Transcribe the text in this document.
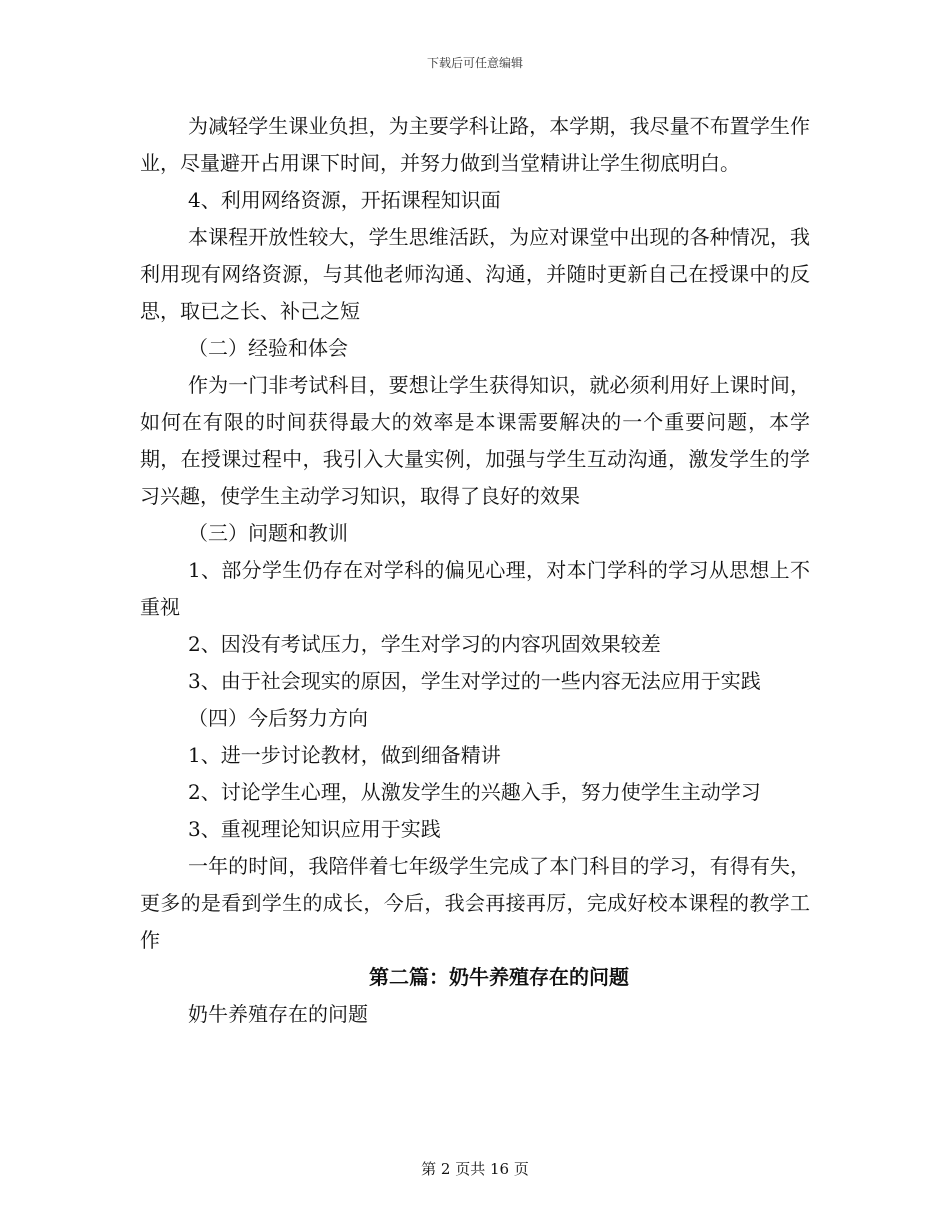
下载后可任意编辑

为减轻学生课业负担，为主要学科让路，本学期，我尽量不布置学生作业，尽量避开占用课下时间，并努力做到当堂精讲让学生彻底明白。

4、利用网络资源，开拓课程知识面

本课程开放性较大，学生思维活跃，为应对课堂中出现的各种情况，我利用现有网络资源，与其他老师沟通、沟通，并随时更新自己在授课中的反思，取已之长、补己之短

（二）经验和体会

作为一门非考试科目，要想让学生获得知识，就必须利用好上课时间，如何在有限的时间获得最大的效率是本课需要解决的一个重要问题，本学期，在授课过程中，我引入大量实例，加强与学生互动沟通，激发学生的学习兴趣，使学生主动学习知识，取得了良好的效果

（三）问题和教训

1、部分学生仍存在对学科的偏见心理，对本门学科的学习从思想上不重视

2、因没有考试压力，学生对学习的内容巩固效果较差

3、由于社会现实的原因，学生对学过的一些内容无法应用于实践

（四）今后努力方向

1、进一步讨论教材，做到细备精讲

2、讨论学生心理，从激发学生的兴趣入手，努力使学生主动学习

3、重视理论知识应用于实践

一年的时间，我陪伴着七年级学生完成了本门科目的学习，有得有失，更多的是看到学生的成长，今后，我会再接再厉，完成好校本课程的教学工作

第二篇：奶牛养殖存在的问题

奶牛养殖存在的问题

第 2 页共 16 页
